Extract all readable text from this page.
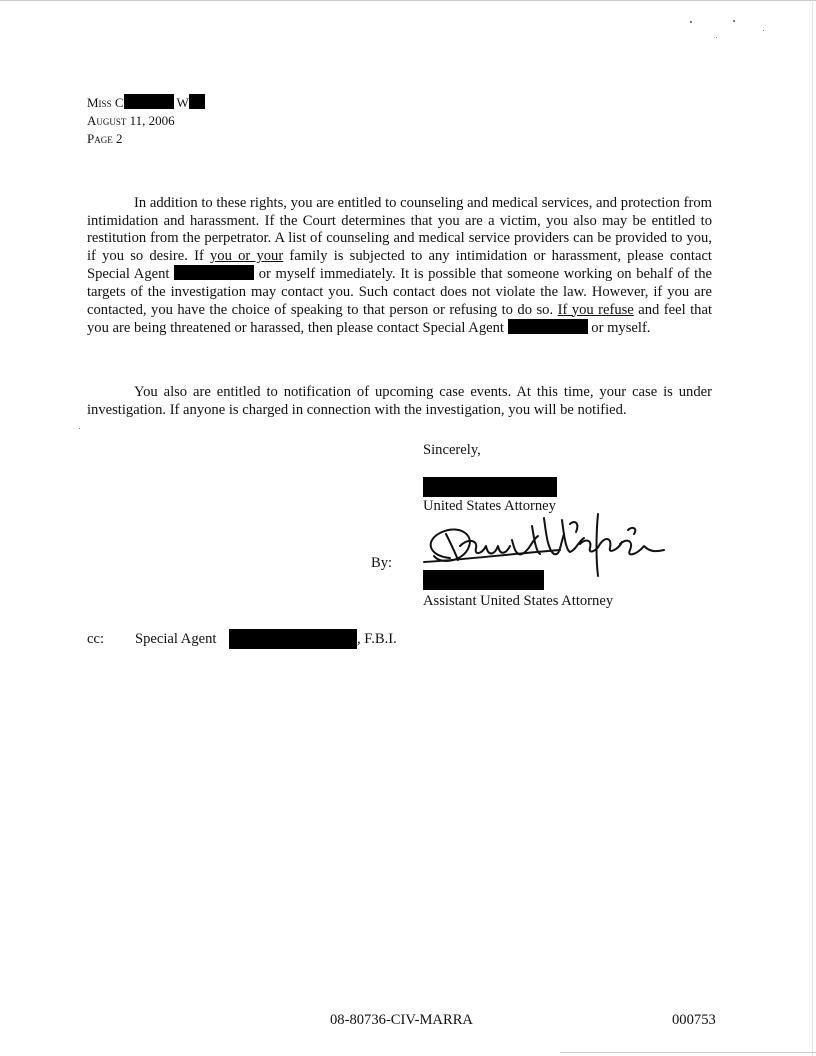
Miss C	W
August 11, 2006
Page 2

In addition to these rights, you are entitled to counseling and medical services, and protection from intimidation and harassment. If the Court determines that you are a victim, you also may be entitled to restitution from the perpetrator. A list of counseling and medical service providers can be provided to you, if you so desire. If you or your family is subjected to any intimidation or harassment, please contact Special Agent	or myself immediately. It is possible that someone working on behalf of the targets of the investigation may contact you. Such contact does not violate the law. However, if you are contacted, you have the choice of speaking to that person or refusing to do so. If you refuse and feel that you are being threatened or harassed, then please contact Special Agent	or myself.

You also are entitled to notification of upcoming case events. At this time, your case is under investigation. If anyone is charged in connection with the investigation, you will be notified.

Sincerely,
United States Attorney
By:
Assistant United States Attorney
cc: Special Agent	, F.B.I.
08-80736-CIV-MARRA	000753
